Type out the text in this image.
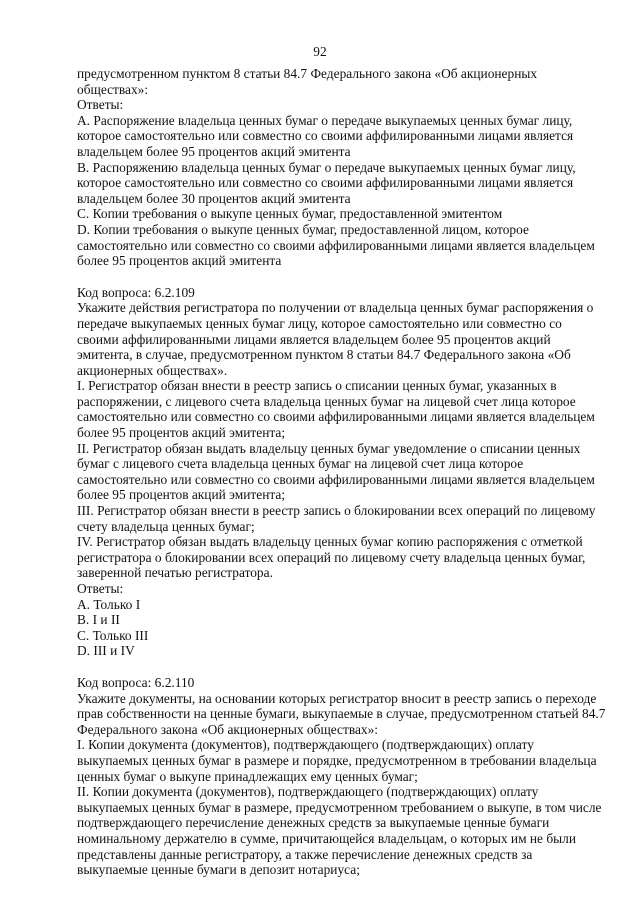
92
предусмотренном пунктом 8 статьи 84.7 Федерального закона «Об акционерных
обществах»:
Ответы:
А. Распоряжение владельца ценных бумаг о передаче выкупаемых ценных бумаг лицу,
которое самостоятельно или совместно со своими аффилированными лицами является
владельцем более 95 процентов акций эмитента
В. Распоряжению владельца ценных бумаг о передаче выкупаемых ценных бумаг лицу,
которое самостоятельно или совместно со своими аффилированными лицами является
владельцем более 30 процентов акций эмитента
С. Копии требования о выкупе ценных бумаг, предоставленной эмитентом
D. Копии требования о выкупе ценных бумаг, предоставленной лицом, которое
самостоятельно или совместно со своими аффилированными лицами является владельцем
более 95 процентов акций эмитента
Код вопроса: 6.2.109
Укажите действия регистратора по получении от владельца ценных бумаг распоряжения о
передаче выкупаемых ценных бумаг лицу, которое самостоятельно или совместно со
своими аффилированными лицами является владельцем более 95 процентов акций
эмитента, в случае, предусмотренном пунктом 8 статьи 84.7 Федерального закона «Об
акционерных обществах».
I. Регистратор обязан внести в реестр запись о списании ценных бумаг, указанных в
распоряжении, с лицевого счета владельца ценных бумаг на лицевой счет лица которое
самостоятельно или совместно со своими аффилированными лицами является владельцем
более 95 процентов акций эмитента;
II. Регистратор обязан выдать владельцу ценных бумаг уведомление о списании ценных
бумаг с лицевого счета владельца ценных бумаг на лицевой счет лица которое
самостоятельно или совместно со своими аффилированными лицами является владельцем
более 95 процентов акций эмитента;
III. Регистратор обязан внести в реестр запись о блокировании всех операций по лицевому
счету владельца ценных бумаг;
IV. Регистратор обязан выдать владельцу ценных бумаг копию распоряжения с отметкой
регистратора о блокировании всех операций по лицевому счету владельца ценных бумаг,
заверенной печатью регистратора.
Ответы:
А. Только I
В. I и II
С. Только III
D. III и IV
Код вопроса: 6.2.110
Укажите документы, на основании которых регистратор вносит в реестр запись о переходе
прав собственности на ценные бумаги, выкупаемые в случае, предусмотренном статьей 84.7
Федерального закона «Об акционерных обществах»:
I. Копии документа (документов), подтверждающего (подтверждающих) оплату
выкупаемых ценных бумаг в размере и порядке, предусмотренном в требовании владельца
ценных бумаг о выкупе принадлежащих ему ценных бумаг;
II. Копии документа (документов), подтверждающего (подтверждающих) оплату
выкупаемых ценных бумаг в размере, предусмотренном требованием о выкупе, в том числе
подтверждающего перечисление денежных средств за выкупаемые ценные бумаги
номинальному держателю в сумме, причитающейся владельцам, о которых им не были
представлены данные регистратору, а также перечисление денежных средств за
выкупаемые ценные бумаги в депозит нотариуса;
